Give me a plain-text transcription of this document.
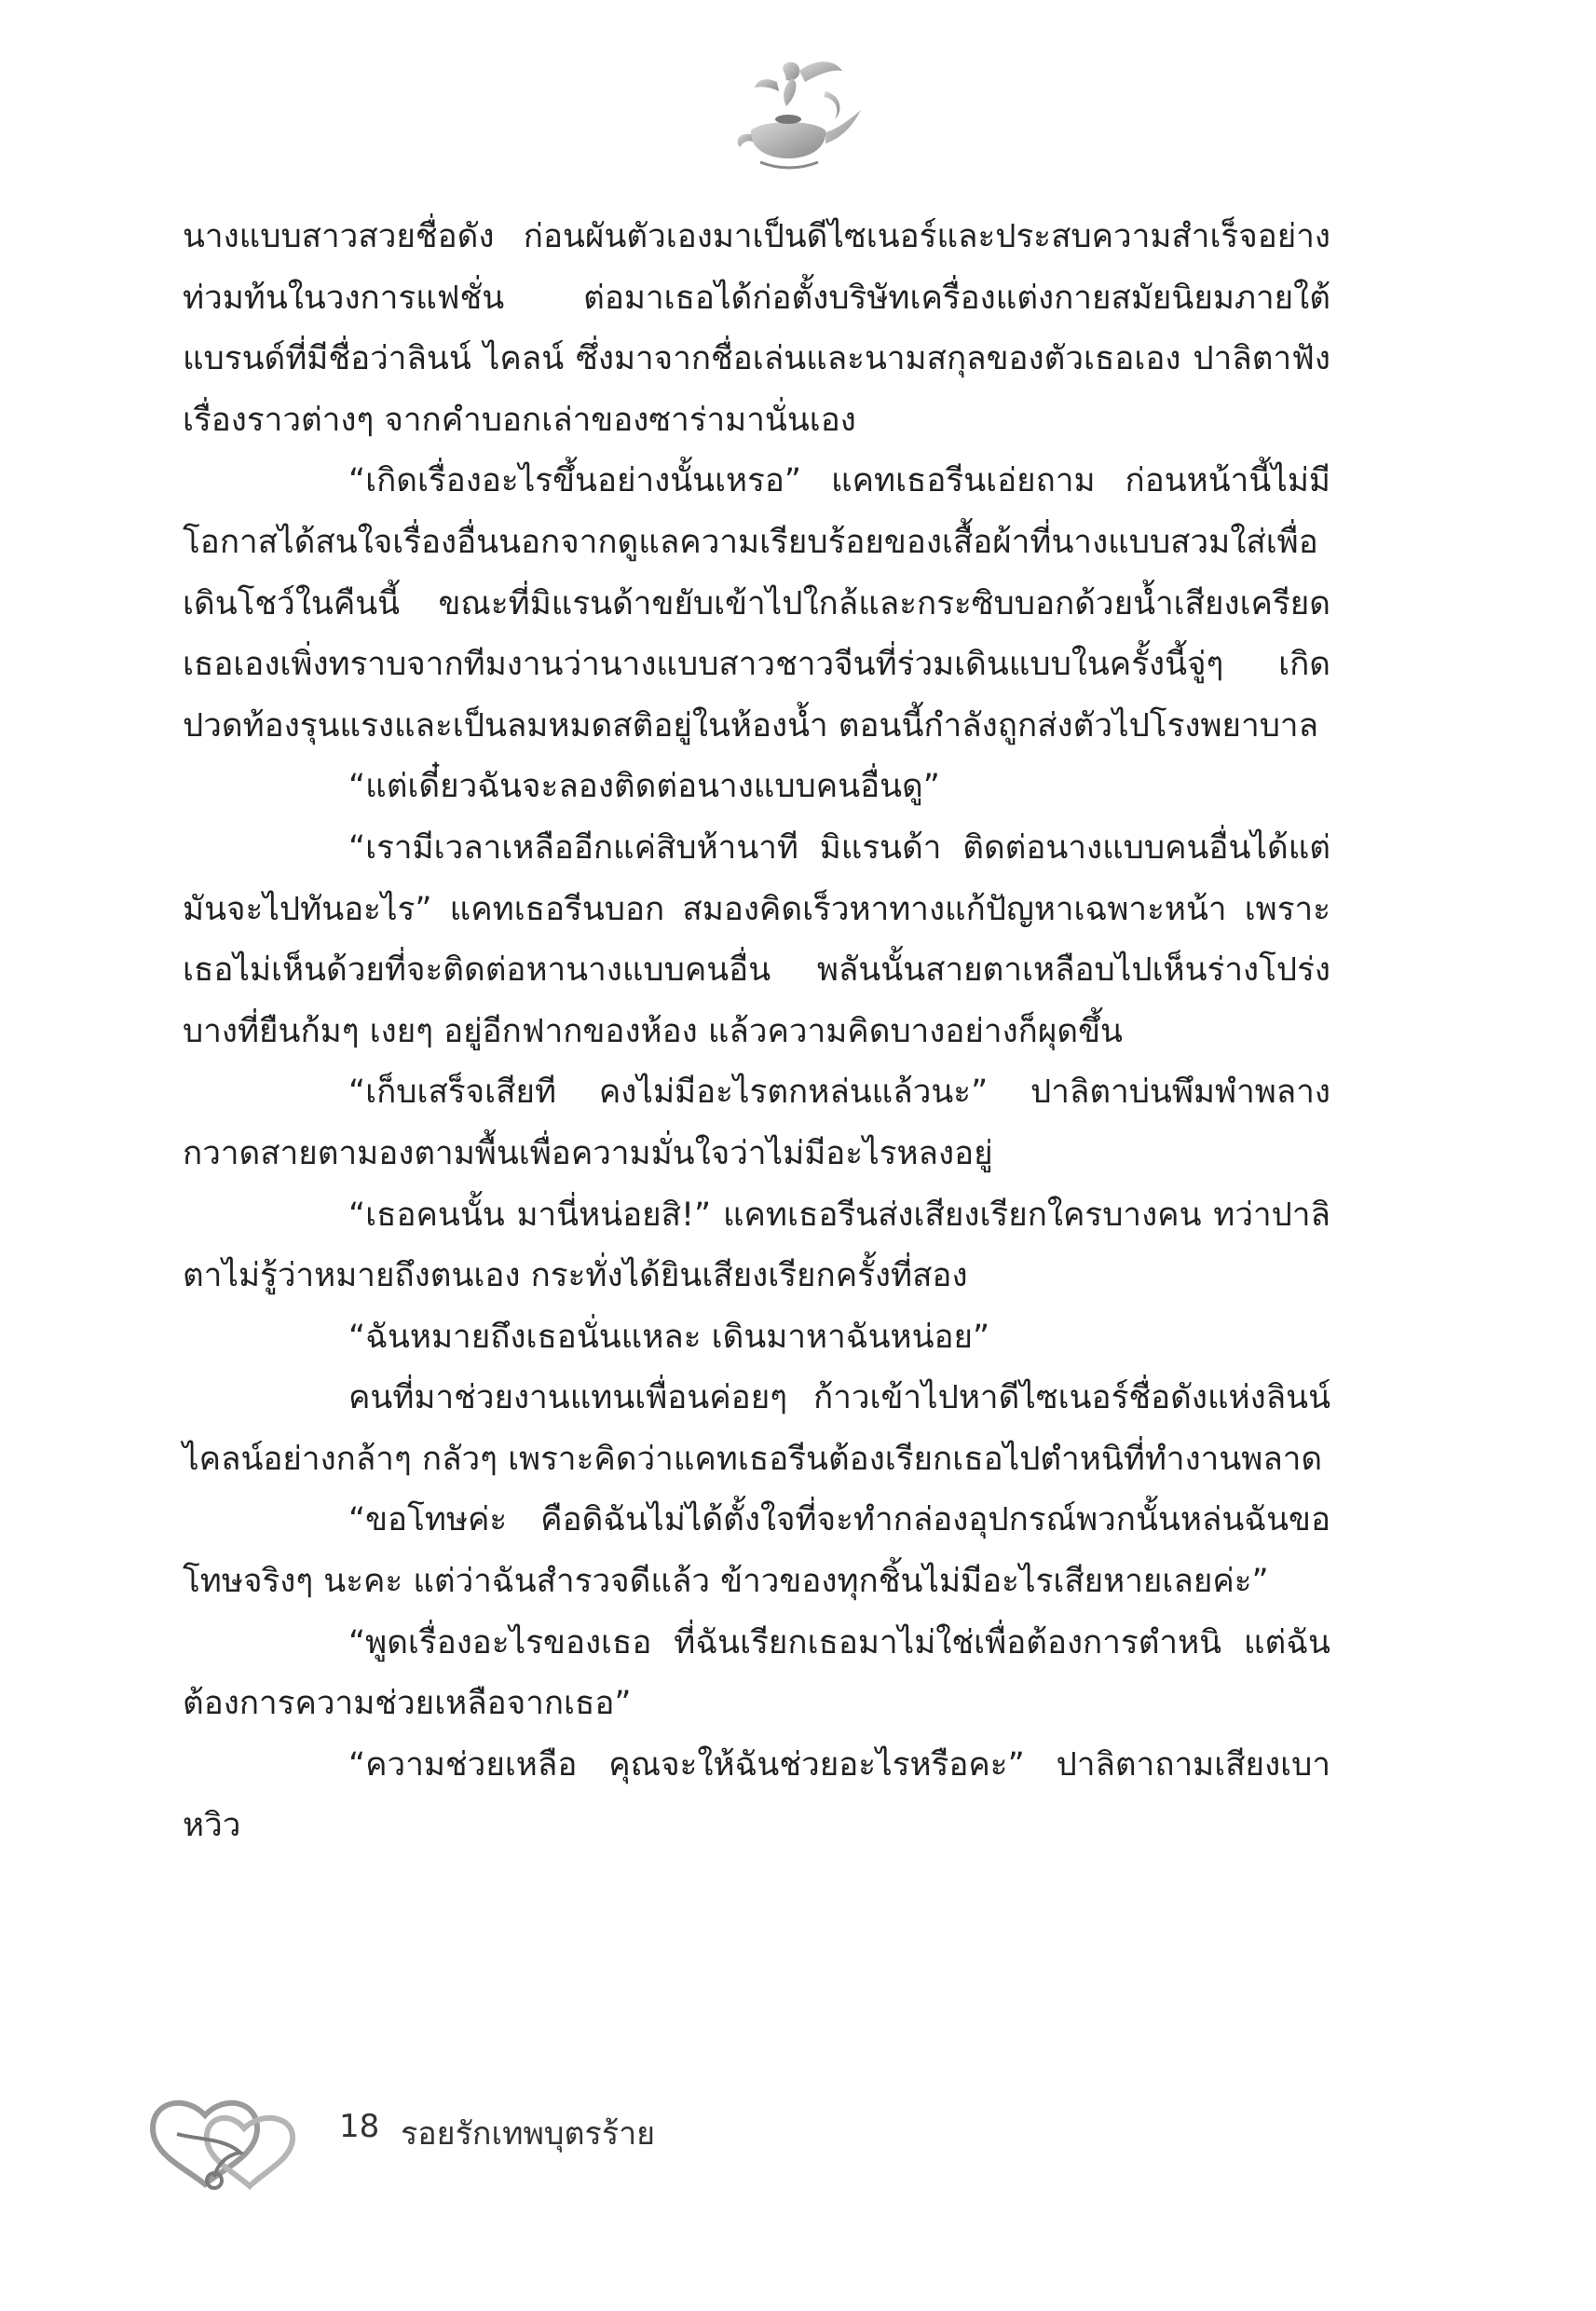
นางแบบสาวสวยชื่อดัง ก่อนผันตัวเองมาเป็นดีไซเนอร์และประสบความสำเร็จอย่างท่วมท้นในวงการแฟชั่น ต่อมาเธอได้ก่อตั้งบริษัทเครื่องแต่งกายสมัยนิยมภายใต้แบรนด์ที่มีชื่อว่าลินน์ ไคลน์ ซึ่งมาจากชื่อเล่นและนามสกุลของตัวเธอเอง ปาลิตาฟังเรื่องราวต่างๆ จากคำบอกเล่าของซาร่ามานั่นเอง

“เกิดเรื่องอะไรขึ้นอย่างนั้นเหรอ” แคทเธอรีนเอ่ยถาม ก่อนหน้านี้ไม่มีโอกาสได้สนใจเรื่องอื่นนอกจากดูแลความเรียบร้อยของเสื้อผ้าที่นางแบบสวมใส่เพื่อเดินโชว์ในคืนนี้ ขณะที่มิแรนด้าขยับเข้าไปใกล้และกระซิบบอกด้วยน้ำเสียงเครียด เธอเองเพิ่งทราบจากทีมงานว่านางแบบสาวชาวจีนที่ร่วมเดินแบบในครั้งนี้จู่ๆ เกิดปวดท้องรุนแรงและเป็นลมหมดสติอยู่ในห้องน้ำ ตอนนี้กำลังถูกส่งตัวไปโรงพยาบาล

“แต่เดี๋ยวฉันจะลองติดต่อนางแบบคนอื่นดู”

“เรามีเวลาเหลืออีกแค่สิบห้านาที มิแรนด้า ติดต่อนางแบบคนอื่นได้แต่มันจะไปทันอะไร” แคทเธอรีนบอก สมองคิดเร็วหาทางแก้ปัญหาเฉพาะหน้า เพราะเธอไม่เห็นด้วยที่จะติดต่อหานางแบบคนอื่น พลันนั้นสายตาเหลือบไปเห็นร่างโปร่งบางที่ยืนก้มๆ เงยๆ อยู่อีกฟากของห้อง แล้วความคิดบางอย่างก็ผุดขึ้น

“เก็บเสร็จเสียที คงไม่มีอะไรตกหล่นแล้วนะ” ปาลิตาบ่นพึมพำพลางกวาดสายตามองตามพื้นเพื่อความมั่นใจว่าไม่มีอะไรหลงอยู่

“เธอคนนั้น มานี่หน่อยสิ!” แคทเธอรีนส่งเสียงเรียกใครบางคน ทว่าปาลิตาไม่รู้ว่าหมายถึงตนเอง กระทั่งได้ยินเสียงเรียกครั้งที่สอง

“ฉันหมายถึงเธอนั่นแหละ เดินมาหาฉันหน่อย”

คนที่มาช่วยงานแทนเพื่อนค่อยๆ ก้าวเข้าไปหาดีไซเนอร์ชื่อดังแห่งลินน์ ไคลน์อย่างกล้าๆ กลัวๆ เพราะคิดว่าแคทเธอรีนต้องเรียกเธอไปตำหนิที่ทำงานพลาด

“ขอโทษค่ะ คือดิฉันไม่ได้ตั้งใจที่จะทำกล่องอุปกรณ์พวกนั้นหล่นฉันขอโทษจริงๆ นะคะ แต่ว่าฉันสำรวจดีแล้ว ข้าวของทุกชิ้นไม่มีอะไรเสียหายเลยค่ะ”

“พูดเรื่องอะไรของเธอ ที่ฉันเรียกเธอมาไม่ใช่เพื่อต้องการตำหนิ แต่ฉันต้องการความช่วยเหลือจากเธอ”

“ความช่วยเหลือ คุณจะให้ฉันช่วยอะไรหรือคะ” ปาลิตาถามเสียงเบาหวิว

18 รอยรักเทพบุตรร้าย
